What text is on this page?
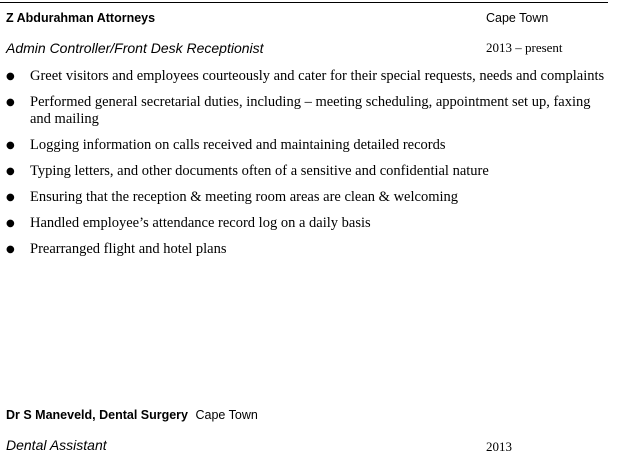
Z Abdurahman Attorneys	Cape Town
Admin Controller/Front Desk Receptionist	2013 – present
● Greet visitors and employees courteously and cater for their special requests, needs and complaints
● Performed general secretarial duties, including – meeting scheduling, appointment set up, faxing and mailing
● Logging information on calls received and maintaining detailed records
● Typing letters, and other documents often of a sensitive and confidential nature
● Ensuring that the reception & meeting room areas are clean & welcoming
● Handled employee’s attendance record log on a daily basis
● Prearranged flight and hotel plans
Dr S Maneveld, Dental Surgery Cape Town
Dental Assistant	2013
